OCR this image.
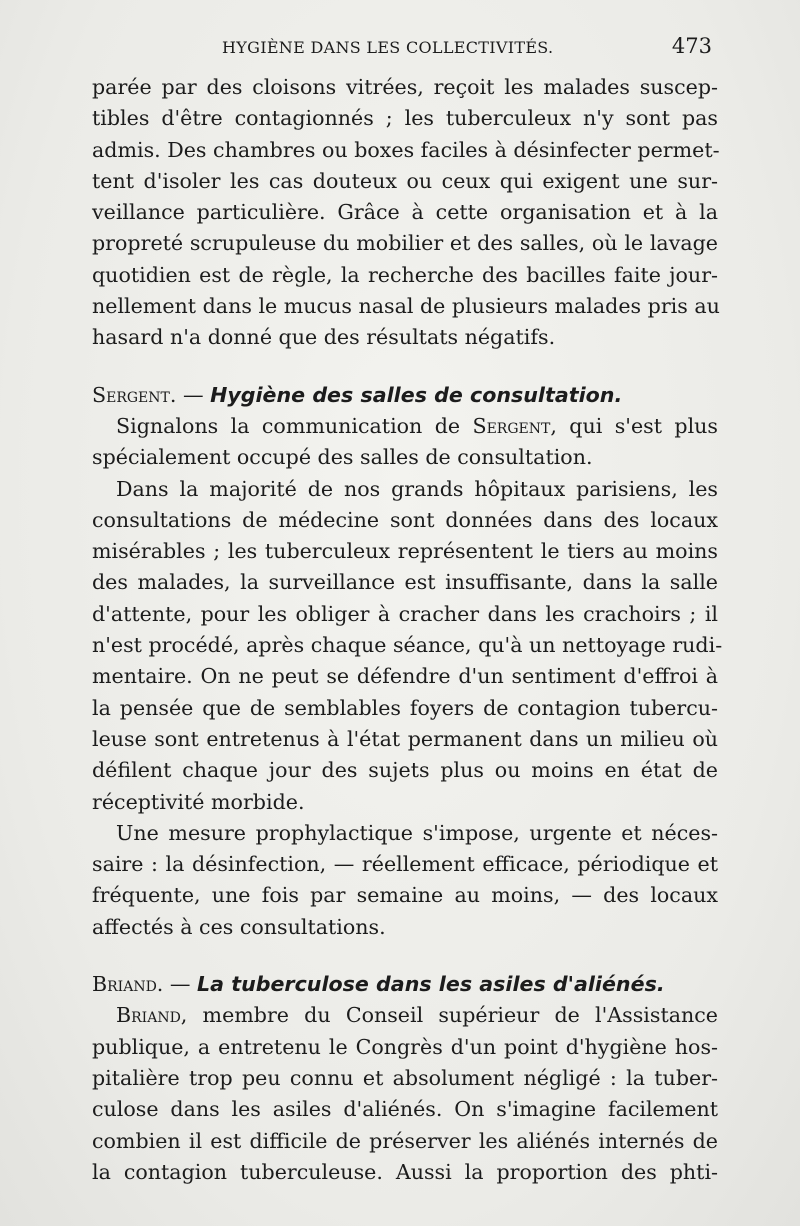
HYGIÈNE DANS LES COLLECTIVITÉS.	473
parée par des cloisons vitrées, reçoit les malades suscep-
tibles d'être contagionnés ; les tuberculeux n'y sont pas
admis. Des chambres ou boxes faciles à désinfecter permet-
tent d'isoler les cas douteux ou ceux qui exigent une sur-
veillance particulière. Grâce à cette organisation et à la
propreté scrupuleuse du mobilier et des salles, où le lavage
quotidien est de règle, la recherche des bacilles faite jour-
nellement dans le mucus nasal de plusieurs malades pris au
hasard n'a donné que des résultats négatifs.
Sergent. — Hygiène des salles de consultation.
Signalons la communication de Sergent, qui s'est plus
spécialement occupé des salles de consultation.
Dans la majorité de nos grands hôpitaux parisiens, les
consultations de médecine sont données dans des locaux
misérables ; les tuberculeux représentent le tiers au moins
des malades, la surveillance est insuffisante, dans la salle
d'attente, pour les obliger à cracher dans les crachoirs ; il
n'est procédé, après chaque séance, qu'à un nettoyage rudi-
mentaire. On ne peut se défendre d'un sentiment d'effroi à
la pensée que de semblables foyers de contagion tubercu-
leuse sont entretenus à l'état permanent dans un milieu où
défilent chaque jour des sujets plus ou moins en état de
réceptivité morbide.
Une mesure prophylactique s'impose, urgente et néces-
saire : la désinfection, — réellement efficace, périodique et
fréquente, une fois par semaine au moins, — des locaux
affectés à ces consultations.
Briand. — La tuberculose dans les asiles d'aliénés.
Briand, membre du Conseil supérieur de l'Assistance
publique, a entretenu le Congrès d'un point d'hygiène hos-
pitalière trop peu connu et absolument négligé : la tuber-
culose dans les asiles d'aliénés. On s'imagine facilement
combien il est difficile de préserver les aliénés internés de
la contagion tuberculeuse. Aussi la proportion des phti-
